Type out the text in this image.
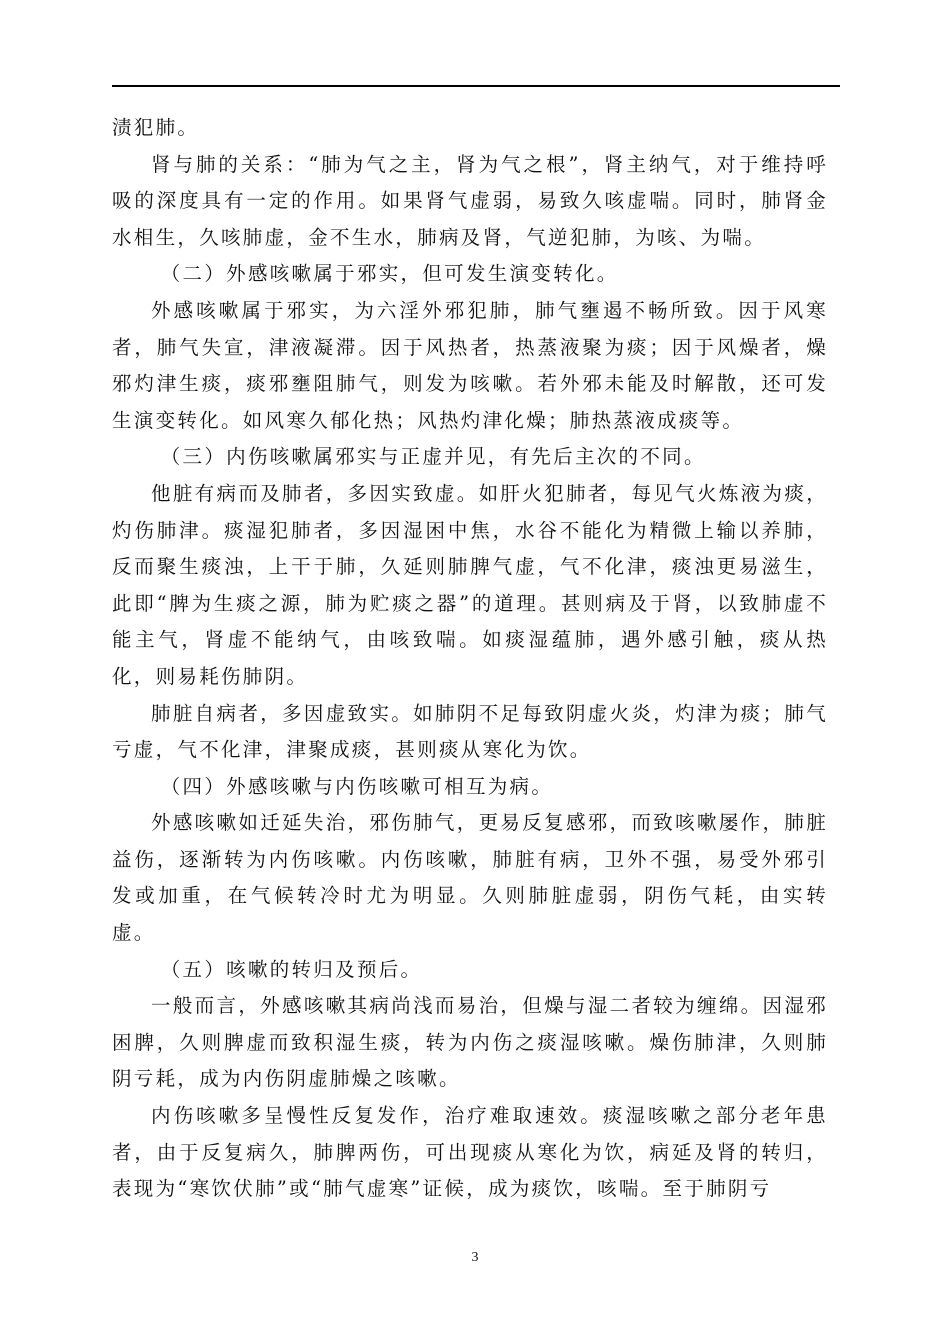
渍犯肺。

肾与肺的关系：“肺为气之主，肾为气之根”，肾主纳气，对于维持呼吸的深度具有一定的作用。如果肾气虚弱，易致久咳虚喘。同时，肺肾金水相生，久咳肺虚，金不生水，肺病及肾，气逆犯肺，为咳、为喘。

（二）外感咳嗽属于邪实，但可发生演变转化。

外感咳嗽属于邪实，为六淫外邪犯肺，肺气壅遏不畅所致。因于风寒者，肺气失宣，津液凝滞。因于风热者，热蒸液聚为痰；因于风燥者，燥邪灼津生痰，痰邪壅阻肺气，则发为咳嗽。若外邪未能及时解散，还可发生演变转化。如风寒久郁化热；风热灼津化燥；肺热蒸液成痰等。

（三）内伤咳嗽属邪实与正虚并见，有先后主次的不同。

他脏有病而及肺者，多因实致虚。如肝火犯肺者，每见气火炼液为痰，灼伤肺津。痰湿犯肺者，多因湿困中焦，水谷不能化为精微上输以养肺，反而聚生痰浊，上干于肺，久延则肺脾气虚，气不化津，痰浊更易滋生，此即“脾为生痰之源，肺为贮痰之器”的道理。甚则病及于肾，以致肺虚不能主气，肾虚不能纳气，由咳致喘。如痰湿蕴肺，遇外感引触，痰从热化，则易耗伤肺阴。

肺脏自病者，多因虚致实。如肺阴不足每致阴虚火炎，灼津为痰；肺气亏虚，气不化津，津聚成痰，甚则痰从寒化为饮。

（四）外感咳嗽与内伤咳嗽可相互为病。

外感咳嗽如迁延失治，邪伤肺气，更易反复感邪，而致咳嗽屡作，肺脏益伤，逐渐转为内伤咳嗽。内伤咳嗽，肺脏有病，卫外不强，易受外邪引发或加重，在气候转冷时尤为明显。久则肺脏虚弱，阴伤气耗，由实转虚。

（五）咳嗽的转归及预后。

一般而言，外感咳嗽其病尚浅而易治，但燥与湿二者较为缠绵。因湿邪困脾，久则脾虚而致积湿生痰，转为内伤之痰湿咳嗽。燥伤肺津，久则肺阴亏耗，成为内伤阴虚肺燥之咳嗽。

内伤咳嗽多呈慢性反复发作，治疗难取速效。痰湿咳嗽之部分老年患者，由于反复病久，肺脾两伤，可出现痰从寒化为饮，病延及肾的转归，表现为“寒饮伏肺”或“肺气虚寒”证候，成为痰饮，咳喘。至于肺阴亏

3
